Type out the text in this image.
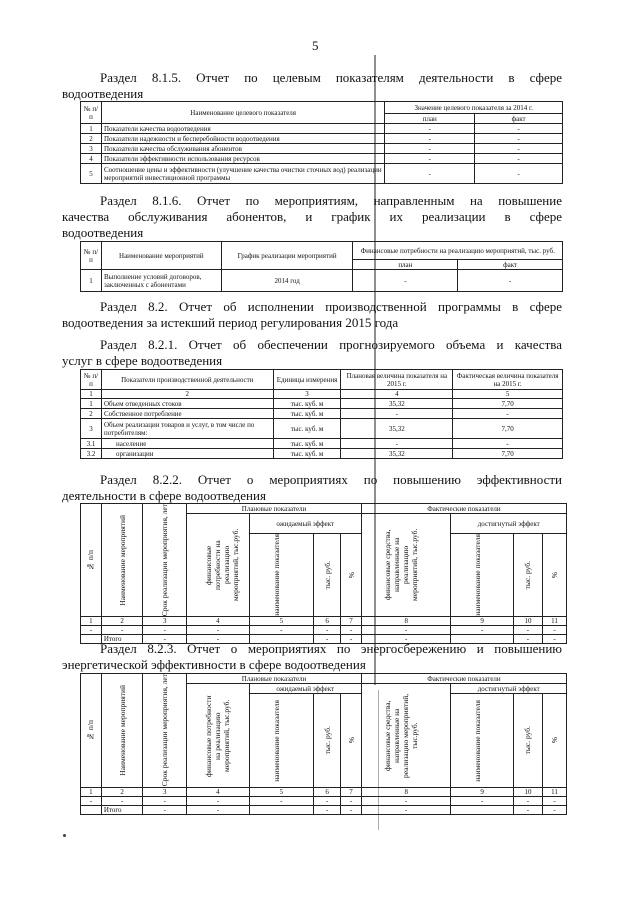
5
Раздел 8.1.5. Отчет по целевым показателям деятельности в сфере
водоотведения
№ п/п	Наименование целевого показателя	Значение целевого показателя за 2014 г.	
		план	факт
1	Показатели качества водоотведения	-	-
2	Показатели надежности и бесперебойности водоотведения	-	-
3	Показатели качества обслуживания абонентов	-	-
4	Показатели эффективности использования ресурсов	-	-
5	Соотношение цены и эффективности (улучшение качества очистки сточных вод) реализации мероприятий инвестиционной программы	-	-
Раздел 8.1.6. Отчет по мероприятиям, направленным на повышение
качества обслуживания абонентов, и график их реализации в сфере
водоотведения
№ п/п	Наименование мероприятий	График реализации мероприятий	Финансовые потребности на реализацию мероприятий, тыс. руб.	
			план	факт
1	Выполнение условий договоров, заключенных с абонентами	2014 год	-	-
Раздел 8.2. Отчет об исполнении производственной программы в сфере
водоотведения за истекший период регулирования 2015 года
Раздел 8.2.1. Отчет об обеспечении прогнозируемого объема и качества
услуг в сфере водоотведения
№ п/п	Показатели производственной деятельности	Единицы измерения	Плановая величина показателя на 2015 г.	Фактическая величина показателя на 2015 г.
1	2	3	4	5
1	Объем отведенных стоков	тыс. куб. м	35,32	7,70
2	Собственное потребление	тыс. куб. м	-	-
3	Объем реализации товаров и услуг, в том числе по потребителям:	тыс. куб. м	35,32	7,70
3.1	население	тыс. куб. м	-	-
3.2	организации	тыс. куб. м	35,32	7,70
Раздел 8.2.2. Отчет о мероприятиях по повышению эффективности
деятельности в сфере водоотведения
№ п/п	Наименование мероприятий	Срок реализации мероприятия, лет	Плановые показатели				Фактические показатели			

			финансовые потребности на реализацию мероприятий, тыс.руб.	ожидаемый эффект			финансовые средства, направленные на реализацию мероприятий, тыс.руб.	достигнутый эффект		

				наименование показателя	тыс. руб.	%		наименование показателя	тыс. руб.	%

1	2	3	4	5	6	7	8	9	10	11
-	-	-	-	-	-	-	-	-	-	-
	Итого	-	-		-	-	-		-	-
Раздел 8.2.3. Отчет о мероприятиях по энергосбережению и повышению
энергетической эффективности в сфере водоотведения
№ п/п	Наименование мероприятий	Срок реализации мероприятия, лет	Плановые показатели				Фактические показатели			

			финансовые потребности на реализацию мероприятий, тыс.руб.	ожидаемый эффект			финансовые средства, направленные на реализацию мероприятий, тыс.руб.	достигнутый эффект		

				наименование показателя	тыс. руб.	%		наименование показателя	тыс. руб.	%

1	2	3	4	5	6	7	8	9	10	11
-	-	-	-	-	-	-	-	-	-	-
	Итого	-	-		-	-	-		-	-
